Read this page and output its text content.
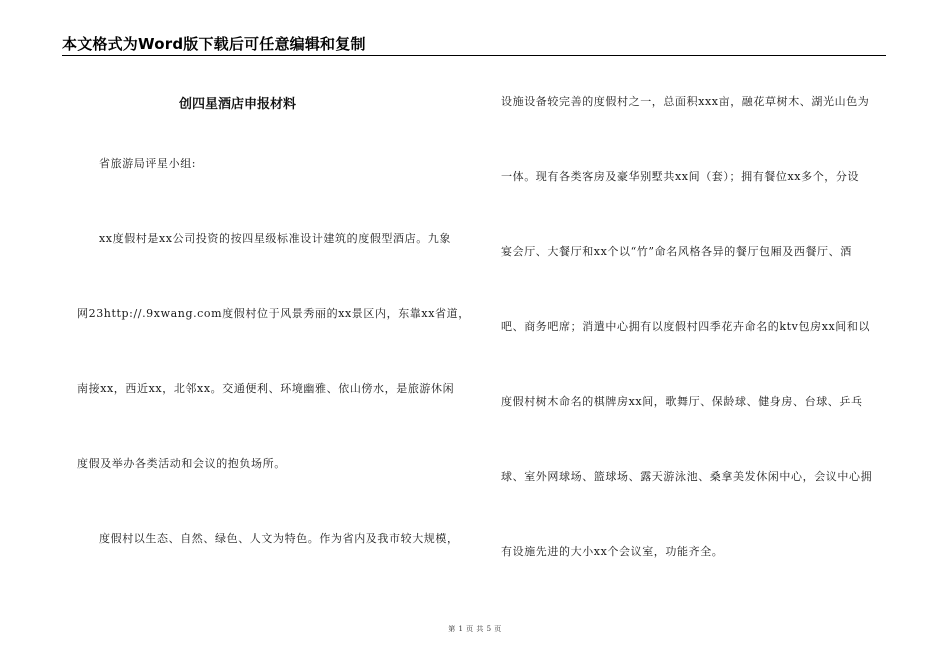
本文格式为Word版下载后可任意编辑和复制
创四星酒店申报材料
省旅游局评星小组:
xx度假村是xx公司投资的按四星级标准设计建筑的度假型酒店。九象
网23http://.9xwang.com度假村位于风景秀丽的xx景区内，东靠xx省道，
南接xx，西近xx，北邻xx。交通便利、环境幽雅、依山傍水，是旅游休闲
度假及举办各类活动和会议的抱负场所。
度假村以生态、自然、绿色、人文为特色。作为省内及我市较大规模，
设施设备较完善的度假村之一，总面积xxx亩，融花草树木、湖光山色为
一体。现有各类客房及豪华别墅共xx间（套）；拥有餐位xx多个，分设
宴会厅、大餐厅和xx个以“竹”命名风格各异的餐厅包厢及西餐厅、酒
吧、商务吧席；消遣中心拥有以度假村四季花卉命名的ktv包房xx间和以
度假村树木命名的棋牌房xx间，歌舞厅、保龄球、健身房、台球、乒乓
球、室外网球场、篮球场、露天游泳池、桑拿美发休闲中心，会议中心拥
有设施先进的大小xx个会议室，功能齐全。
第 1 页 共 5 页
